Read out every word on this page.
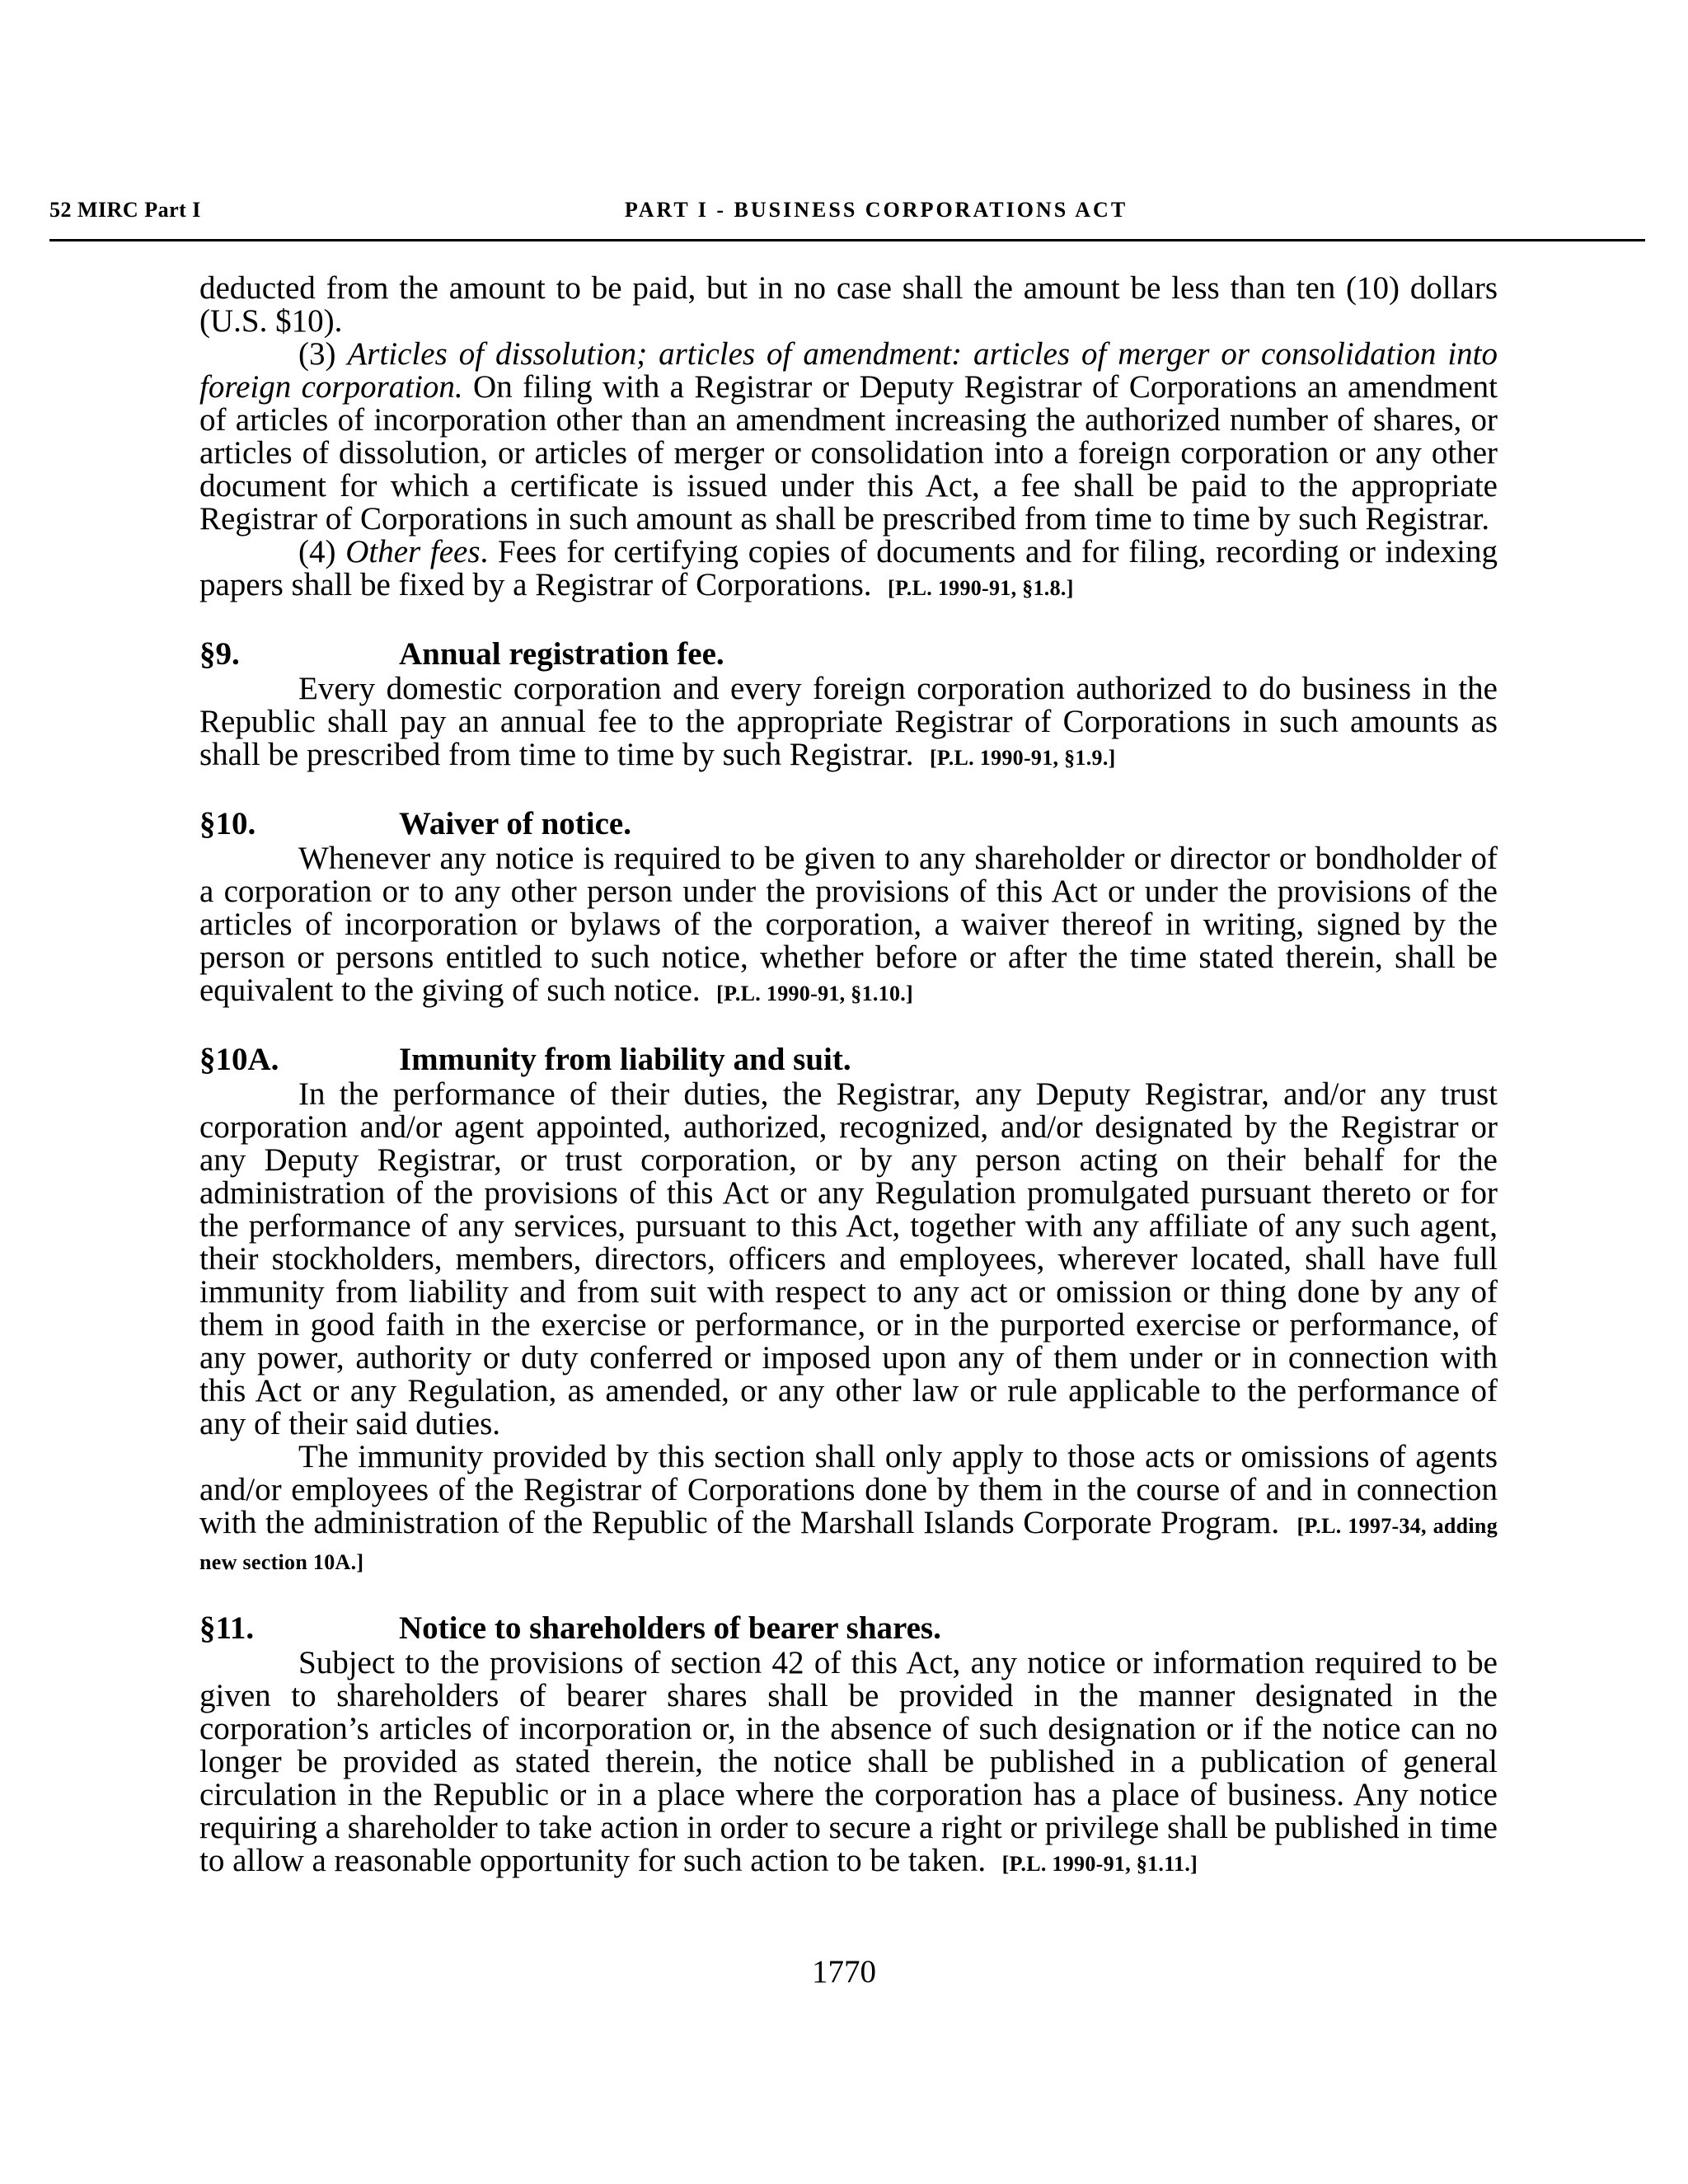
52 MIRC Part I	PART I - BUSINESS CORPORATIONS ACT

deducted from the amount to be paid, but in no case shall the amount be less than ten (10) dollars (U.S. $10).

(3) Articles of dissolution; articles of amendment: articles of merger or consolidation into foreign corporation. On filing with a Registrar or Deputy Registrar of Corporations an amendment of articles of incorporation other than an amendment increasing the authorized number of shares, or articles of dissolution, or articles of merger or consolidation into a foreign corporation or any other document for which a certificate is issued under this Act, a fee shall be paid to the appropriate Registrar of Corporations in such amount as shall be prescribed from time to time by such Registrar.

(4) Other fees. Fees for certifying copies of documents and for filing, recording or indexing papers shall be fixed by a Registrar of Corporations. [P.L. 1990-91, §1.8.]

§9.	Annual registration fee.

Every domestic corporation and every foreign corporation authorized to do business in the Republic shall pay an annual fee to the appropriate Registrar of Corporations in such amounts as shall be prescribed from time to time by such Registrar. [P.L. 1990-91, §1.9.]

§10.	Waiver of notice.

Whenever any notice is required to be given to any shareholder or director or bondholder of a corporation or to any other person under the provisions of this Act or under the provisions of the articles of incorporation or bylaws of the corporation, a waiver thereof in writing, signed by the person or persons entitled to such notice, whether before or after the time stated therein, shall be equivalent to the giving of such notice. [P.L. 1990-91, §1.10.]

§10A.	Immunity from liability and suit.

In the performance of their duties, the Registrar, any Deputy Registrar, and/or any trust corporation and/or agent appointed, authorized, recognized, and/or designated by the Registrar or any Deputy Registrar, or trust corporation, or by any person acting on their behalf for the administration of the provisions of this Act or any Regulation promulgated pursuant thereto or for the performance of any services, pursuant to this Act, together with any affiliate of any such agent, their stockholders, members, directors, officers and employees, wherever located, shall have full immunity from liability and from suit with respect to any act or omission or thing done by any of them in good faith in the exercise or performance, or in the purported exercise or performance, of any power, authority or duty conferred or imposed upon any of them under or in connection with this Act or any Regulation, as amended, or any other law or rule applicable to the performance of any of their said duties.

The immunity provided by this section shall only apply to those acts or omissions of agents and/or employees of the Registrar of Corporations done by them in the course of and in connection with the administration of the Republic of the Marshall Islands Corporate Program. [P.L. 1997-34, adding new section 10A.]

§11.	Notice to shareholders of bearer shares.

Subject to the provisions of section 42 of this Act, any notice or information required to be given to shareholders of bearer shares shall be provided in the manner designated in the corporation’s articles of incorporation or, in the absence of such designation or if the notice can no longer be provided as stated therein, the notice shall be published in a publication of general circulation in the Republic or in a place where the corporation has a place of business. Any notice requiring a shareholder to take action in order to secure a right or privilege shall be published in time to allow a reasonable opportunity for such action to be taken. [P.L. 1990-91, §1.11.]

1770
